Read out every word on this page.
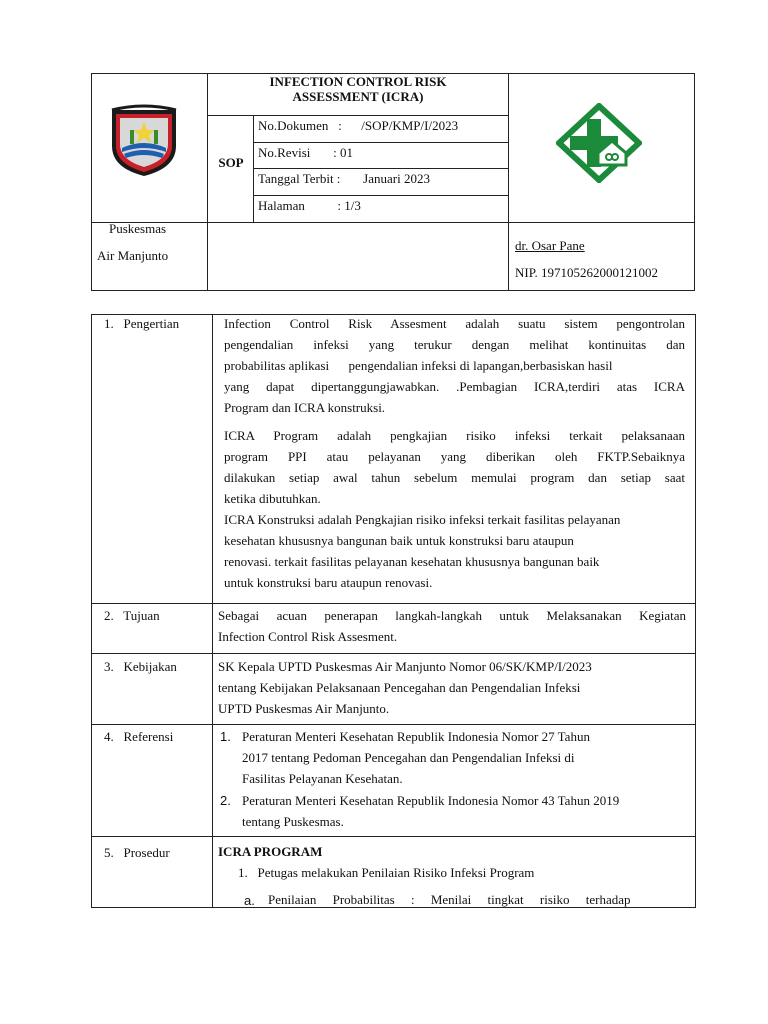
INFECTION CONTROL RISK
ASSESSMENT (ICRA)
SOP
No.Dokumen   :      /SOP/KMP/I/2023
No.Revisi       : 01
Tanggal Terbit :       Januari 2023
Halaman          : 1/3
Puskesmas
Air Manjunto
dr. Osar Pane
NIP. 197105262000121002
1.   Pengertian	Infection Control Risk Assesment adalah suatu sistem pengontrolan
pengendalian infeksi yang terukur dengan melihat kontinuitas dan
probabilitas aplikasi      pengendalian infeksi di lapangan,berbasiskan hasil
yang dapat dipertanggungjawabkan. .Pembagian ICRA,terdiri atas ICRA
Program dan ICRA konstruksi.
ICRA Program adalah pengkajian risiko infeksi terkait pelaksanaan
program PPI atau pelayanan yang diberikan oleh FKTP.Sebaiknya
dilakukan setiap awal tahun sebelum memulai program dan setiap saat
ketika dibutuhkan.
ICRA Konstruksi adalah Pengkajian risiko infeksi terkait fasilitas pelayanan
kesehatan khususnya bangunan baik untuk konstruksi baru ataupun
renovasi. terkait fasilitas pelayanan kesehatan khususnya bangunan baik
untuk konstruksi baru ataupun renovasi.
2.   Tujuan	Sebagai acuan penerapan langkah-langkah untuk Melaksanakan Kegiatan
Infection Control Risk Assesment.
3.   Kebijakan	SK Kepala UPTD Puskesmas Air Manjunto Nomor 06/SK/KMP/I/2023
tentang Kebijakan Pelaksanaan Pencegahan dan Pengendalian Infeksi
UPTD Puskesmas Air Manjunto.
4.   Referensi	1. Peraturan Menteri Kesehatan Republik Indonesia Nomor 27 Tahun
2017 tentang Pedoman Pencegahan dan Pengendalian Infeksi di
Fasilitas Pelayanan Kesehatan.
2. Peraturan Menteri Kesehatan Republik Indonesia Nomor 43 Tahun 2019
tentang Puskesmas.
5.   Prosedur	ICRA PROGRAM
1.   Petugas melakukan Penilaian Risiko Infeksi Program
a. Penilaian     Probabilitas     :     Menilai     tingkat     risiko     terhadap
